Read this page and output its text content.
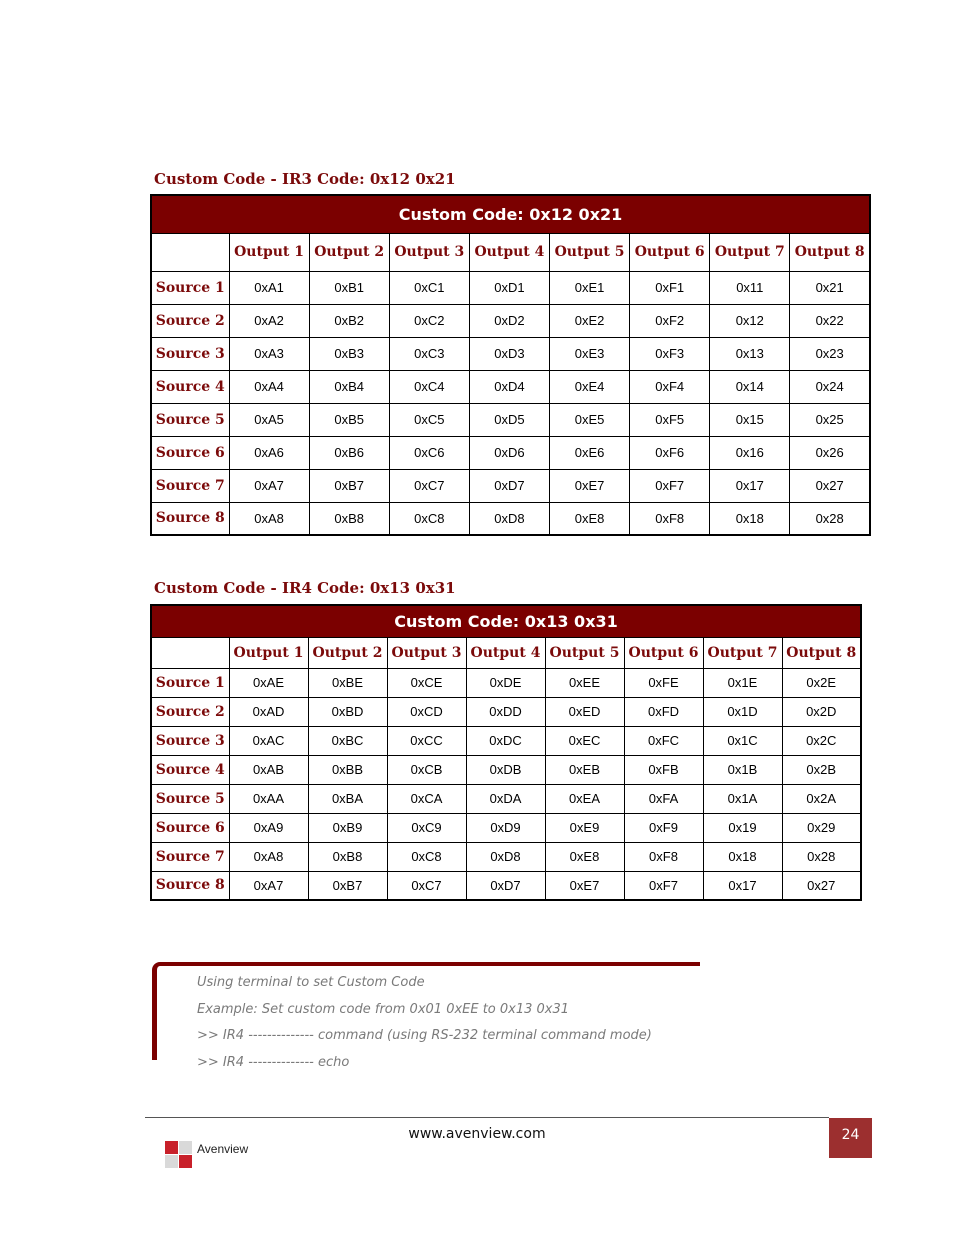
Custom Code - IR3 Code: 0x12 0x21
Custom Code: 0x12 0x21								
	Output 1	Output 2	Output 3	Output 4	Output 5	Output 6	Output 7	Output 8
Source 1	0xA1	0xB1	0xC1	0xD1	0xE1	0xF1	0x11	0x21
Source 2	0xA2	0xB2	0xC2	0xD2	0xE2	0xF2	0x12	0x22
Source 3	0xA3	0xB3	0xC3	0xD3	0xE3	0xF3	0x13	0x23
Source 4	0xA4	0xB4	0xC4	0xD4	0xE4	0xF4	0x14	0x24
Source 5	0xA5	0xB5	0xC5	0xD5	0xE5	0xF5	0x15	0x25
Source 6	0xA6	0xB6	0xC6	0xD6	0xE6	0xF6	0x16	0x26
Source 7	0xA7	0xB7	0xC7	0xD7	0xE7	0xF7	0x17	0x27
Source 8	0xA8	0xB8	0xC8	0xD8	0xE8	0xF8	0x18	0x28
Custom Code - IR4 Code: 0x13 0x31
Custom Code: 0x13 0x31								
	Output 1	Output 2	Output 3	Output 4	Output 5	Output 6	Output 7	Output 8
Source 1	0xAE	0xBE	0xCE	0xDE	0xEE	0xFE	0x1E	0x2E
Source 2	0xAD	0xBD	0xCD	0xDD	0xED	0xFD	0x1D	0x2D
Source 3	0xAC	0xBC	0xCC	0xDC	0xEC	0xFC	0x1C	0x2C
Source 4	0xAB	0xBB	0xCB	0xDB	0xEB	0xFB	0x1B	0x2B
Source 5	0xAA	0xBA	0xCA	0xDA	0xEA	0xFA	0x1A	0x2A
Source 6	0xA9	0xB9	0xC9	0xD9	0xE9	0xF9	0x19	0x29
Source 7	0xA8	0xB8	0xC8	0xD8	0xE8	0xF8	0x18	0x28
Source 8	0xA7	0xB7	0xC7	0xD7	0xE7	0xF7	0x17	0x27
Using terminal to set Custom Code
Example: Set custom code from 0x01 0xEE to 0x13 0x31
>> IR4 -------------- command (using RS-232 terminal command mode)
>> IR4 -------------- echo
www.avenview.com	24
Avenview
